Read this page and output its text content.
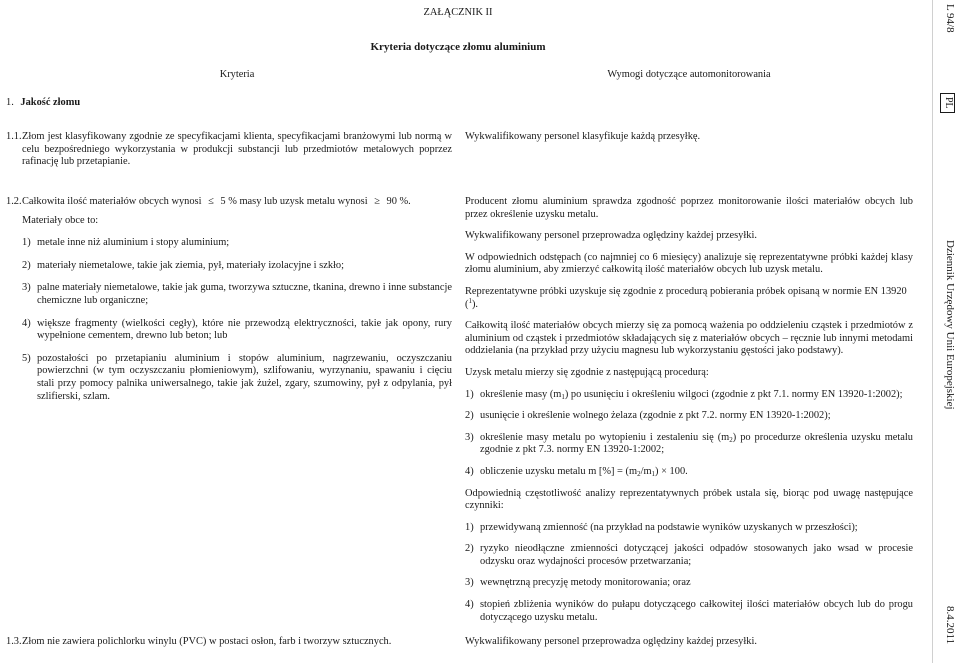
ZAŁĄCZNIK II
Kryteria dotyczące złomu aluminium
Kryteria	Wymogi dotyczące automonitorowania
1. Jakość złomu
1.1. Złom jest klasyfikowany zgodnie ze specyfikacjami klienta, specyfikacjami branżowymi lub normą w celu bezpośredniego wykorzystania w produkcji substancji lub przedmiotów metalowych poprzez rafinację lub przetapianie.

Wykwalifikowany personel klasyfikuje każdą przesyłkę.

1.2. Całkowita ilość materiałów obcych wynosi ≤ 5 % masy lub uzysk metalu wynosi ≥ 90 %.

Materiały obce to:

1) metale inne niż aluminium i stopy aluminium;
2) materiały niemetalowe, takie jak ziemia, pył, materiały izolacyjne i szkło;
3) palne materiały niemetalowe, takie jak guma, tworzywa sztuczne, tkanina, drewno i inne substancje chemiczne lub organiczne;
4) większe fragmenty (wielkości cegły), które nie przewodzą elektryczności, takie jak opony, rury wypełnione cementem, drewno lub beton; lub
5) pozostałości po przetapianiu aluminium i stopów aluminium, nagrzewaniu, oczyszczaniu powierzchni (w tym oczyszczaniu płomieniowym), szlifowaniu, wyrzynaniu, spawaniu i cięciu stali przy pomocy palnika uniwersalnego, takie jak żużel, zgary, szumowiny, pył z odpylania, pył szlifierski, szlam.

Producent złomu aluminium sprawdza zgodność poprzez monitorowanie ilości materiałów obcych lub przez określenie uzysku metalu.

Wykwalifikowany personel przeprowadza oględziny każdej przesyłki.

W odpowiednich odstępach (co najmniej co 6 miesięcy) analizuje się reprezentatywne próbki każdej klasy złomu aluminium, aby zmierzyć całkowitą ilość materiałów obcych lub uzysk metalu.

Reprezentatywne próbki uzyskuje się zgodnie z procedurą pobierania próbek opisaną w normie EN 13920 ($^1$).

Całkowitą ilość materiałów obcych mierzy się za pomocą ważenia po oddzieleniu cząstek i przedmiotów z aluminium od cząstek i przedmiotów składających się z materiałów obcych – ręcznie lub innymi metodami oddzielania (na przykład przy użyciu magnesu lub wykorzystaniu gęstości jako podstawy).

Uzysk metalu mierzy się zgodnie z następującą procedurą:

1) określenie masy $(m_1)$ po usunięciu i określeniu wilgoci (zgodnie z pkt 7.1. normy EN 13920-1:2002);
2) usunięcie i określenie wolnego żelaza (zgodnie z pkt 7.2. normy EN 13920-1:2002);
3) określenie masy metalu po wytopieniu i zestaleniu się $(m_2)$ po procedurze określenia uzysku metalu zgodnie z pkt 7.3. normy EN 13920-1:2002;
4) obliczenie uzysku metalu m [%] = $(m_2/m_1) \times 100$.

Odpowiednią częstotliwość analizy reprezentatywnych próbek ustala się, biorąc pod uwagę następujące czynniki:

1) przewidywaną zmienność (na przykład na podstawie wyników uzyskanych w przeszłości);
2) ryzyko nieodłączne zmienności dotyczącej jakości odpadów stosowanych jako wsad w procesie odzysku oraz wydajności procesów przetwarzania;
3) wewnętrzną precyzję metody monitorowania; oraz
4) stopień zbliżenia wyników do pułapu dotyczącego całkowitej ilości materiałów obcych lub do progu dotyczącego uzysku metalu.
1.3. Złom nie zawiera polichlorku winylu (PVC) w postaci osłon, farb i tworzyw sztucznych.	Wykwalifikowany personel przeprowadza oględziny każdej przesyłki.

L 94/8
PL
Dziennik Urzędowy Unii Europejskiej
8.4.2011
